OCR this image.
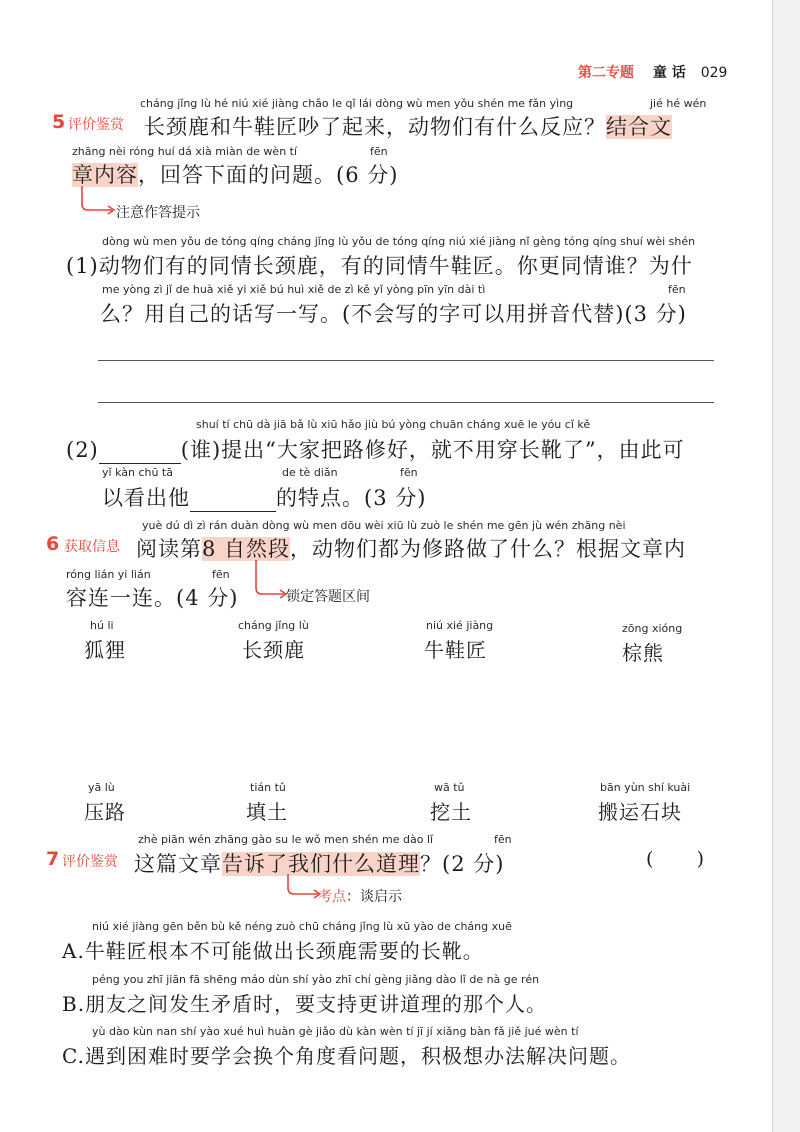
第二专题 童 话 029
5 评价鉴赏
cháng jǐng lù hé niú xié jiàng chǎo le qǐ lái dòng wù men yǒu shén me fǎn yìng	jié hé wén
长颈鹿和牛鞋匠吵了起来，动物们有什么反应？结合文
zhāng nèi róng huí dá xià miàn de wèn tí	fēn
章内容，回答下面的问题。(6 分)
注意作答提示
dòng wù men yǒu de tóng qíng cháng jǐng lù yǒu de tóng qíng niú xié jiàng nǐ gèng tóng qíng shuí wèi shén
(1)动物们有的同情长颈鹿，有的同情牛鞋匠。你更同情谁？为什
me yòng zì jǐ de huà xiě yi xiě bú huì xiě de zì kě yǐ yòng pīn yīn dài tì	fēn
么？用自己的话写一写。(不会写的字可以用拼音代替)(3 分)
shuí tí chū dà jiā bǎ lù xiū hǎo jiù bú yòng chuān cháng xuē le yóu cǐ kě
(2)	(谁)提出“大家把路修好，就不用穿长靴了”，由此可
yǐ kàn chū tā	de tè diǎn	fēn
以看出他	的特点。(3 分)
6 获取信息
yuè dú dì zì rán duàn dòng wù men dōu wèi xiū lù zuò le shén me gēn jù wén zhāng nèi
阅读第8 自然段，动物们都为修路做了什么？根据文章内
róng lián yi lián	fēn
容连一连。(4 分)	锁定答题区间
hú li
狐狸
cháng jǐng lù
长颈鹿
niú xié jiàng
牛鞋匠
zōng xióng
棕熊
yā lù
压路
tián tǔ
填土
wā tǔ
挖土
bān yùn shí kuài
搬运石块
7 评价鉴赏
zhè piān wén zhāng gào su le wǒ men shén me dào lǐ	fēn
这篇文章告诉了我们什么道理？(2 分)	(      )
考点：谈启示
niú xié jiàng gēn běn bù kě néng zuò chū cháng jǐng lù xū yào de cháng xuē
A.牛鞋匠根本不可能做出长颈鹿需要的长靴。
péng you zhī jiān fā shēng máo dùn shí yào zhī chí gèng jiǎng dào lǐ de nà ge rén
B.朋友之间发生矛盾时，要支持更讲道理的那个人。
yù dào kùn nan shí yào xué huì huàn gè jiǎo dù kàn wèn tí jī jí xiǎng bàn fǎ jiě jué wèn tí
C.遇到困难时要学会换个角度看问题，积极想办法解决问题。
